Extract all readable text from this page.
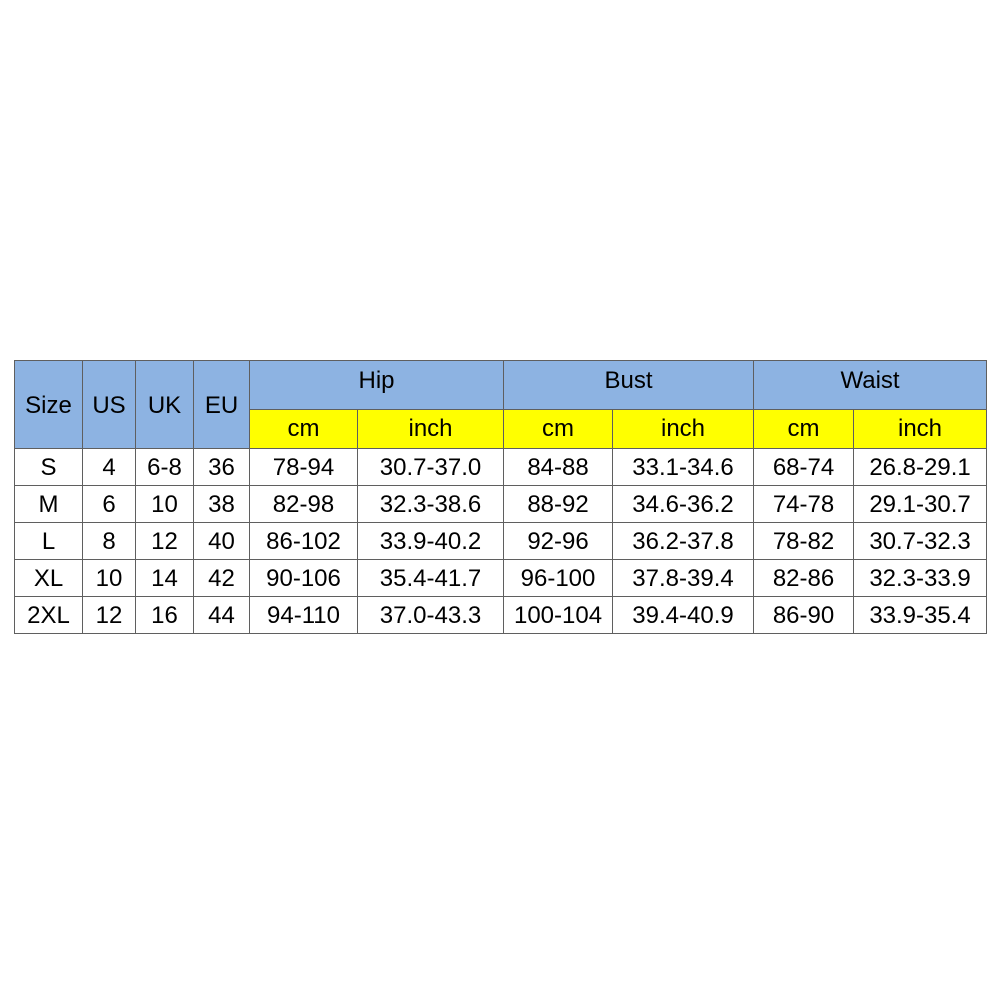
Size	US	UK	EU	Hip		Bust		Waist	
				cm	inch	cm	inch	cm	inch
S	4	6-8	36	78-94	30.7-37.0	84-88	33.1-34.6	68-74	26.8-29.1
M	6	10	38	82-98	32.3-38.6	88-92	34.6-36.2	74-78	29.1-30.7
L	8	12	40	86-102	33.9-40.2	92-96	36.2-37.8	78-82	30.7-32.3
XL	10	14	42	90-106	35.4-41.7	96-100	37.8-39.4	82-86	32.3-33.9
2XL	12	16	44	94-110	37.0-43.3	100-104	39.4-40.9	86-90	33.9-35.4
